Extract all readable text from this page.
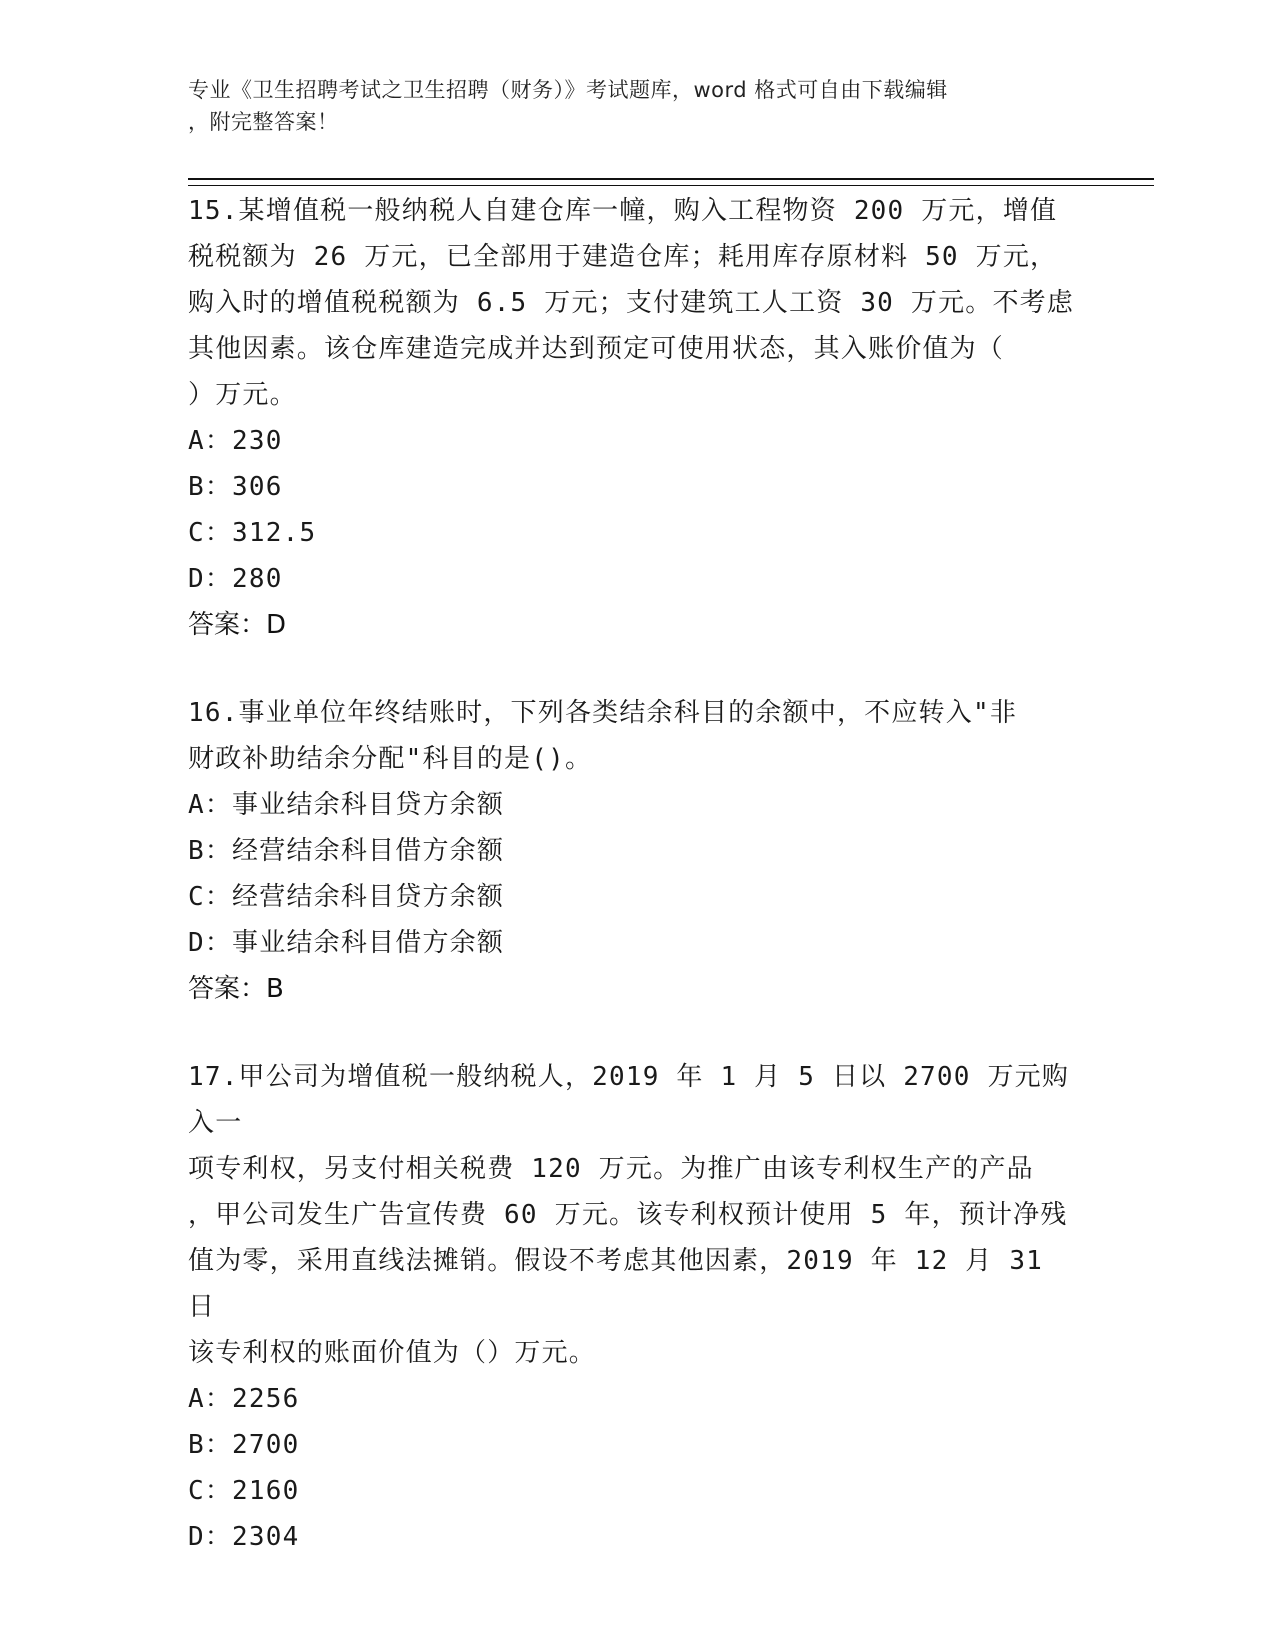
专业《卫生招聘考试之卫生招聘（财务）》考试题库，word 格式可自由下载编辑
，附完整答案！
15.某增值税一般纳税人自建仓库一幢，购入工程物资 200 万元，增值
税税额为 26 万元，已全部用于建造仓库；耗用库存原材料 50 万元，
购入时的增值税税额为 6.5 万元；支付建筑工人工资 30 万元。不考虑
其他因素。该仓库建造完成并达到预定可使用状态，其入账价值为（
）万元。
A：230
B：306
C：312.5
D：280
答案：D
16.事业单位年终结账时，下列各类结余科目的余额中，不应转入"非
财政补助结余分配"科目的是()。
A：事业结余科目贷方余额
B：经营结余科目借方余额
C：经营结余科目贷方余额
D：事业结余科目借方余额
答案：B
17.甲公司为增值税一般纳税人，2019 年 1 月 5 日以 2700 万元购入一
项专利权，另支付相关税费 120 万元。为推广由该专利权生产的产品
，甲公司发生广告宣传费 60 万元。该专利权预计使用 5 年，预计净残
值为零，采用直线法摊销。假设不考虑其他因素，2019 年 12 月 31 日
该专利权的账面价值为（）万元。
A：2256
B：2700
C：2160
D：2304
